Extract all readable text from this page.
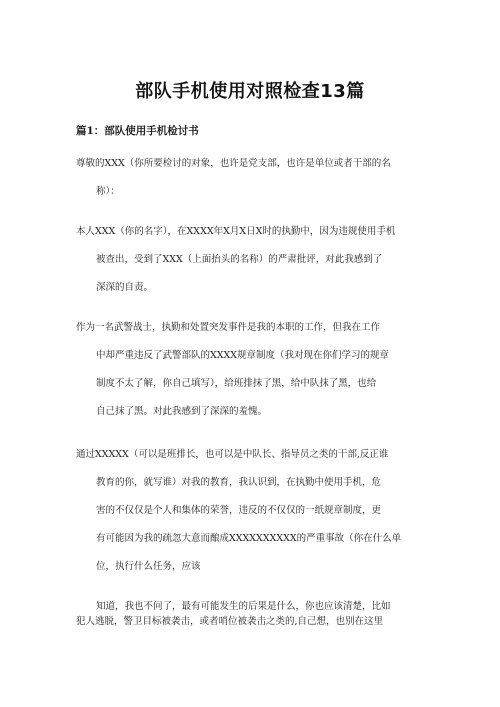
部队手机使用对照检查13篇

篇1：部队使用手机检讨书

尊敬的XXX（你所要检讨的对象，也许是党支部，也许是单位或者干部的名
称）：
本人XXX（你的名字），在XXXX年X月X日X时的执勤中，因为违规使用手机
被查出，受到了XXX（上面抬头的名称）的严肃批评，对此我感到了
深深的自责。
作为一名武警战士，执勤和处置突发事件是我的本职的工作，但我在工作
中却严重违反了武警部队的XXXX规章制度（我对现在你们学习的规章
制度不太了解，你自己填写），给班排抹了黑，给中队抹了黑，也给
自己抹了黑。对此我感到了深深的羞愧。
通过XXXXX（可以是班排长，也可以是中队长、指导员之类的干部,反正谁
教育的你，就写谁）对我的教育，我认识到，在执勤中使用手机，危
害的不仅仅是个人和集体的荣誉，违反的不仅仅的一纸规章制度，更
有可能因为我的疏忽大意而酿成XXXXXXXXXX的严重事故（你在什么单
位，执行什么任务，应该
知道，我也不问了，最有可能发生的后果是什么，你也应该清楚，比如
犯人逃脱，警卫目标被袭击，或者哨位被袭击之类的,自己想，也别在这里
